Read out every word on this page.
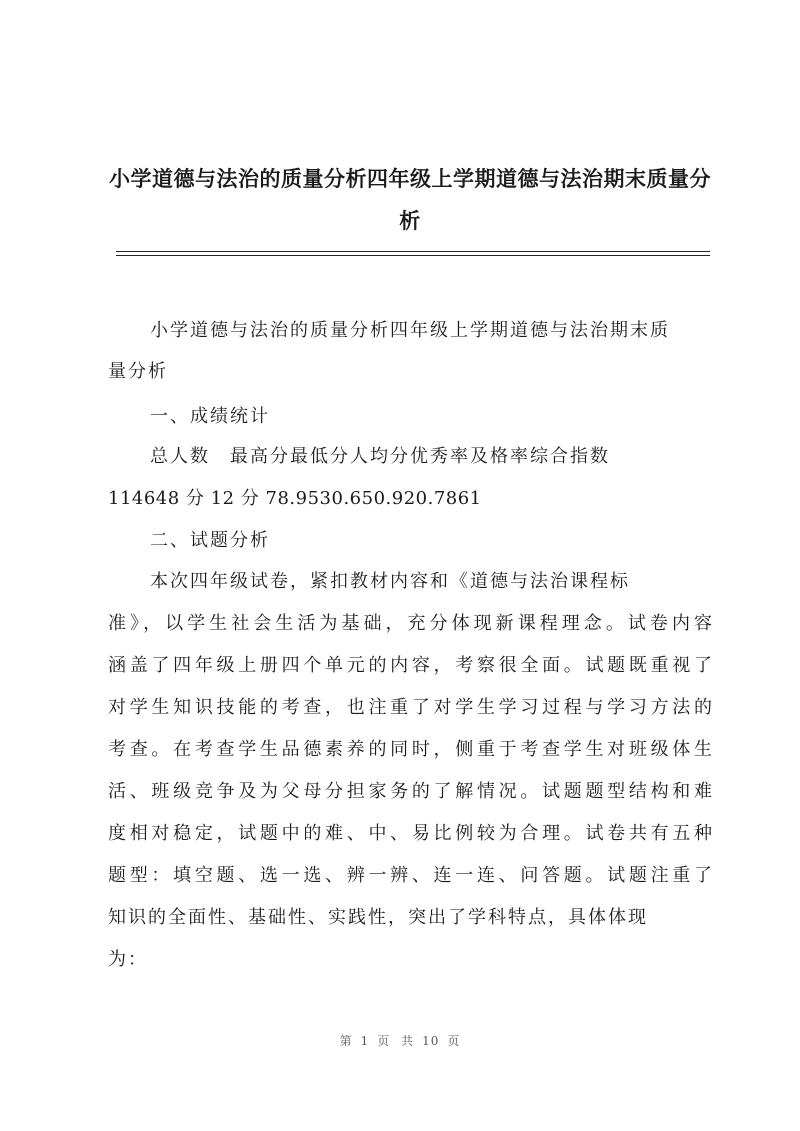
小学道德与法治的质量分析四年级上学期道德与法治期末质量分析
小学道德与法治的质量分析四年级上学期道德与法治期末质
量分析
一、成绩统计
总人数　最高分最低分人均分优秀率及格率综合指数
114648 分 12 分 78.9530.650.920.7861
二、试题分析
本次四年级试卷，紧扣教材内容和《道德与法治课程标
准》，以学生社会生活为基础，充分体现新课程理念。试卷内容
涵盖了四年级上册四个单元的内容，考察很全面。试题既重视了
对学生知识技能的考查，也注重了对学生学习过程与学习方法的
考查。在考查学生品德素养的同时，侧重于考查学生对班级体生
活、班级竞争及为父母分担家务的了解情况。试题题型结构和难
度相对稳定，试题中的难、中、易比例较为合理。试卷共有五种
题型：填空题、选一选、辨一辨、连一连、问答题。试题注重了
知识的全面性、基础性、实践性，突出了学科特点，具体体现
为：
第 1 页 共 10 页
